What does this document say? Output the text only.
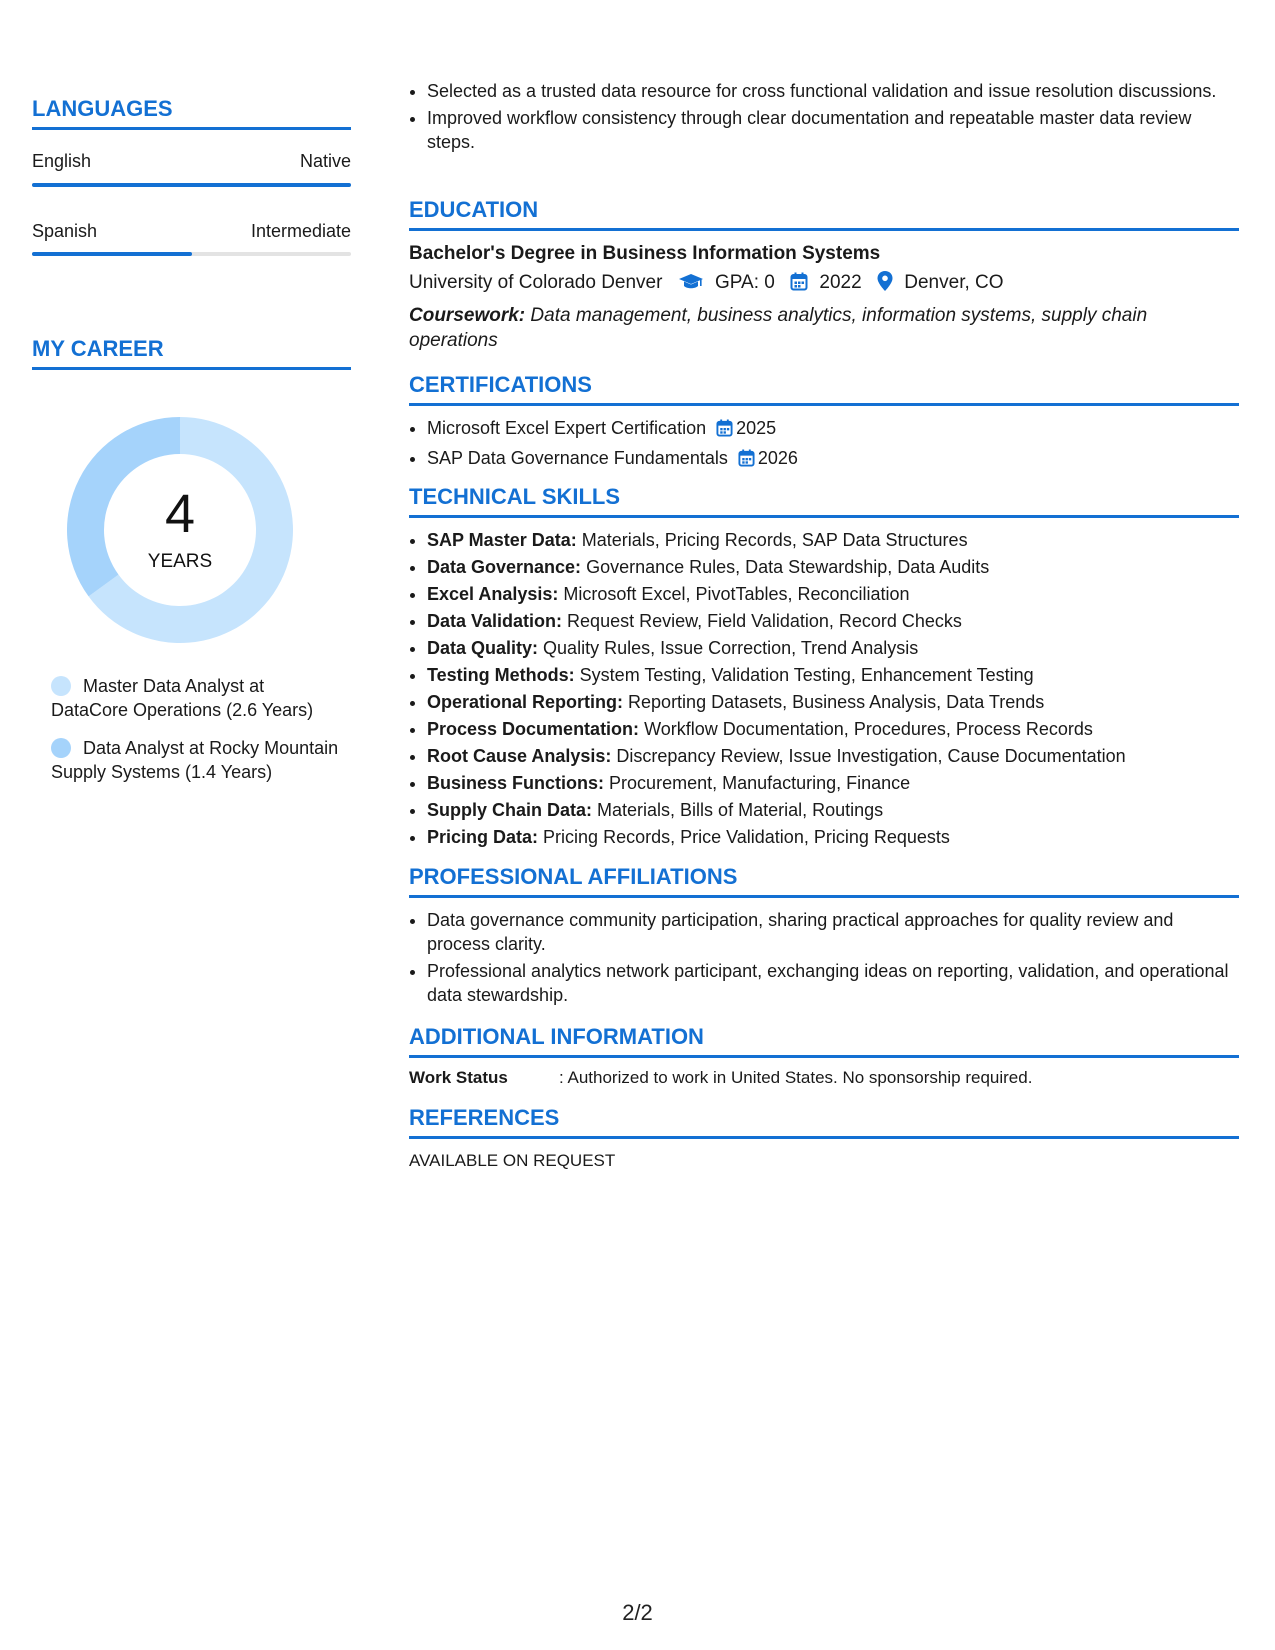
LANGUAGES
English	Native
Spanish	Intermediate
MY CAREER
4
YEARS
Master Data Analyst at DataCore Operations (2.6 Years)
Data Analyst at Rocky Mountain Supply Systems (1.4 Years)
• Selected as a trusted data resource for cross functional validation and issue resolution discussions.
• Improved workflow consistency through clear documentation and repeatable master data review steps.
EDUCATION
Bachelor's Degree in Business Information Systems
University of Colorado Denver	GPA: 0 2022 Denver, CO
Coursework: Data management, business analytics, information systems, supply chain operations
CERTIFICATIONS
• Microsoft Excel Expert Certification 2025
• SAP Data Governance Fundamentals 2026
TECHNICAL SKILLS
• SAP Master Data: Materials, Pricing Records, SAP Data Structures
• Data Governance: Governance Rules, Data Stewardship, Data Audits
• Excel Analysis: Microsoft Excel, PivotTables, Reconciliation
• Data Validation: Request Review, Field Validation, Record Checks
• Data Quality: Quality Rules, Issue Correction, Trend Analysis
• Testing Methods: System Testing, Validation Testing, Enhancement Testing
• Operational Reporting: Reporting Datasets, Business Analysis, Data Trends
• Process Documentation: Workflow Documentation, Procedures, Process Records
• Root Cause Analysis: Discrepancy Review, Issue Investigation, Cause Documentation
• Business Functions: Procurement, Manufacturing, Finance
• Supply Chain Data: Materials, Bills of Material, Routings
• Pricing Data: Pricing Records, Price Validation, Pricing Requests
PROFESSIONAL AFFILIATIONS
• Data governance community participation, sharing practical approaches for quality review and process clarity.
• Professional analytics network participant, exchanging ideas on reporting, validation, and operational data stewardship.
ADDITIONAL INFORMATION
Work Status	: Authorized to work in United States. No sponsorship required.
REFERENCES
AVAILABLE ON REQUEST
2/2
